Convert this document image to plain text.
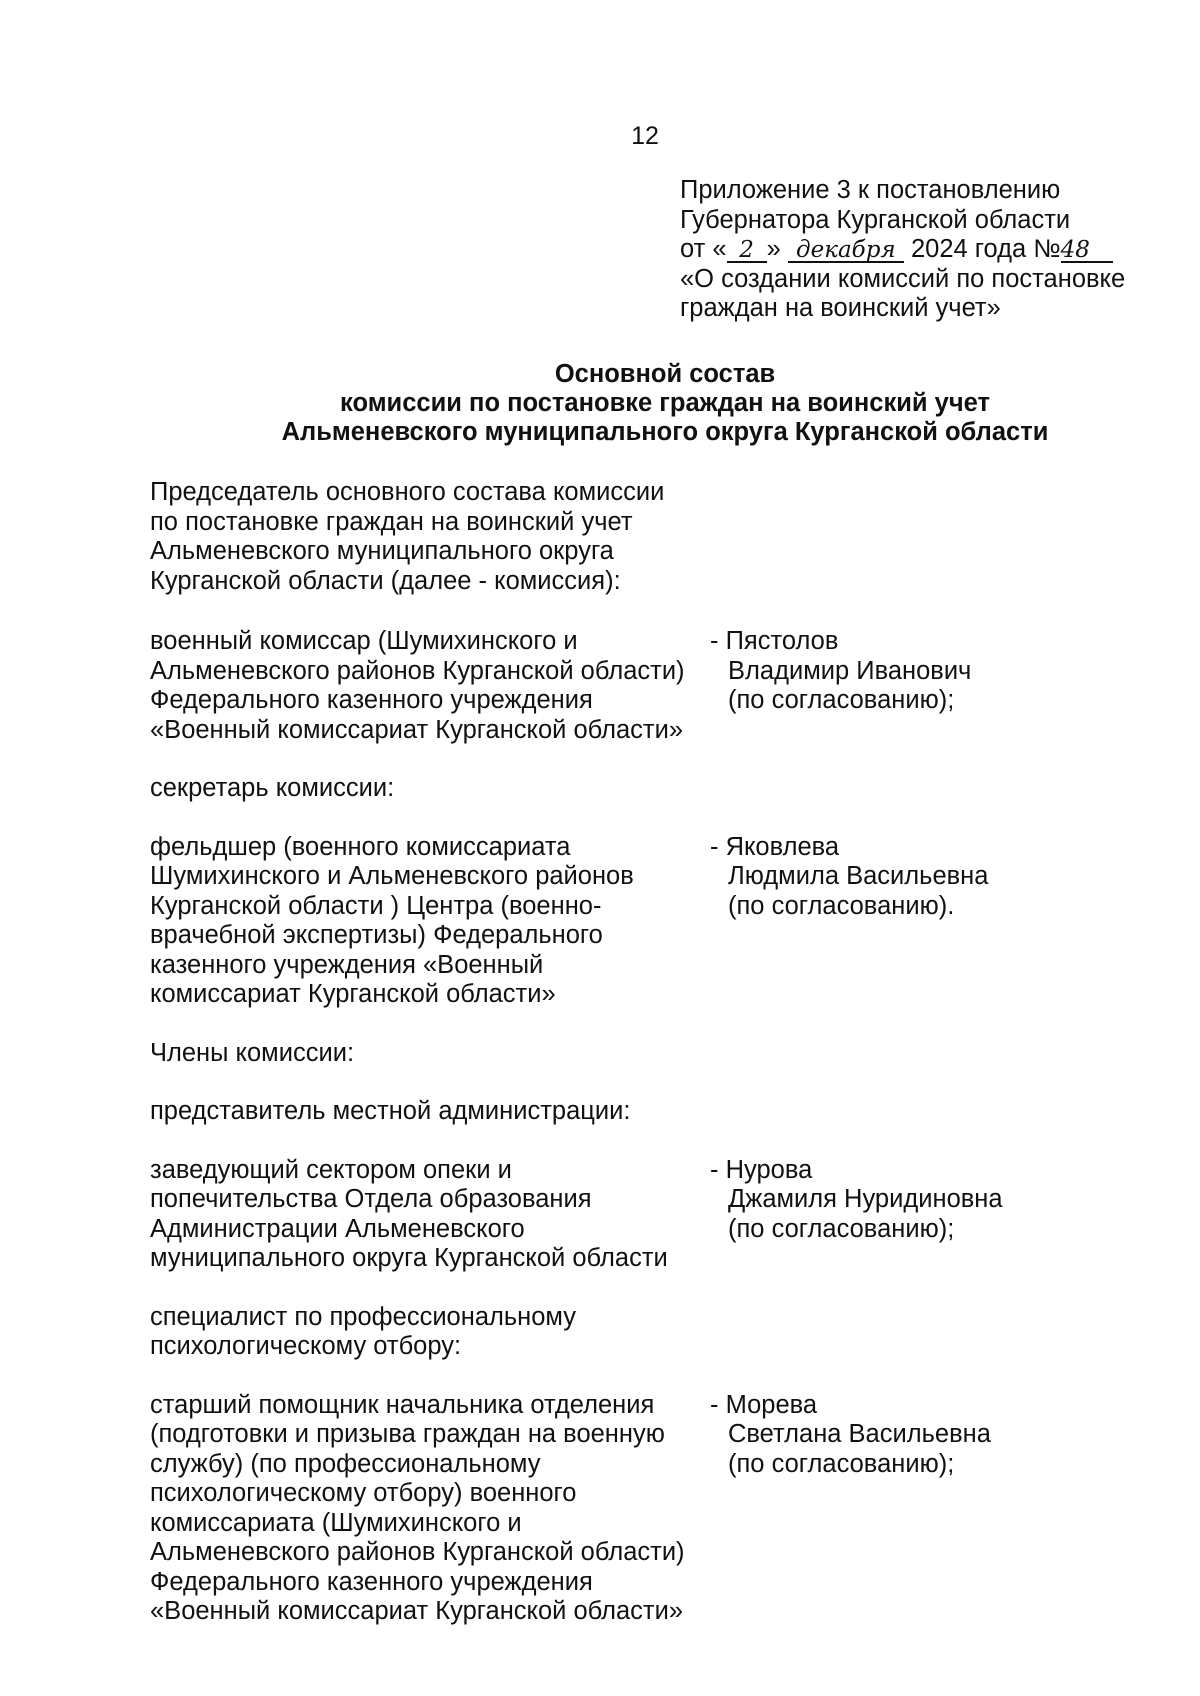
12
Приложение 3 к постановлению
Губернатора Курганской области
от « 2 » декабря 2024 года №48
«О создании комиссий по постановке
граждан на воинский учет»
Основной состав
комиссии по постановке граждан на воинский учет
Альменевского муниципального округа Курганской области
Председатель основного состава комиссии
по постановке граждан на воинский учет
Альменевского муниципального округа
Курганской области (далее - комиссия):
военный комиссар (Шумихинского и
Альменевского районов Курганской области)
Федерального казенного учреждения
«Военный комиссариат Курганской области»
- Пястолов
Владимир Иванович
(по согласованию);
секретарь комиссии:
фельдшер (военного комиссариата
Шумихинского и Альменевского районов
Курганской области ) Центра (военно-
врачебной экспертизы) Федерального
казенного учреждения «Военный
комиссариат Курганской области»
- Яковлева
Людмила Васильевна
(по согласованию).
Члены комиссии:
представитель местной администрации:
заведующий сектором опеки и
попечительства Отдела образования
Администрации Альменевского
муниципального округа Курганской области
- Нурова
Джамиля Нуридиновна
(по согласованию);
специалист по профессиональному
психологическому отбору:
старший помощник начальника отделения
(подготовки и призыва граждан на военную
службу) (по профессиональному
психологическому отбору) военного
комиссариата (Шумихинского и
Альменевского районов Курганской области)
Федерального казенного учреждения
«Военный комиссариат Курганской области»
- Морева
Светлана Васильевна
(по согласованию);
